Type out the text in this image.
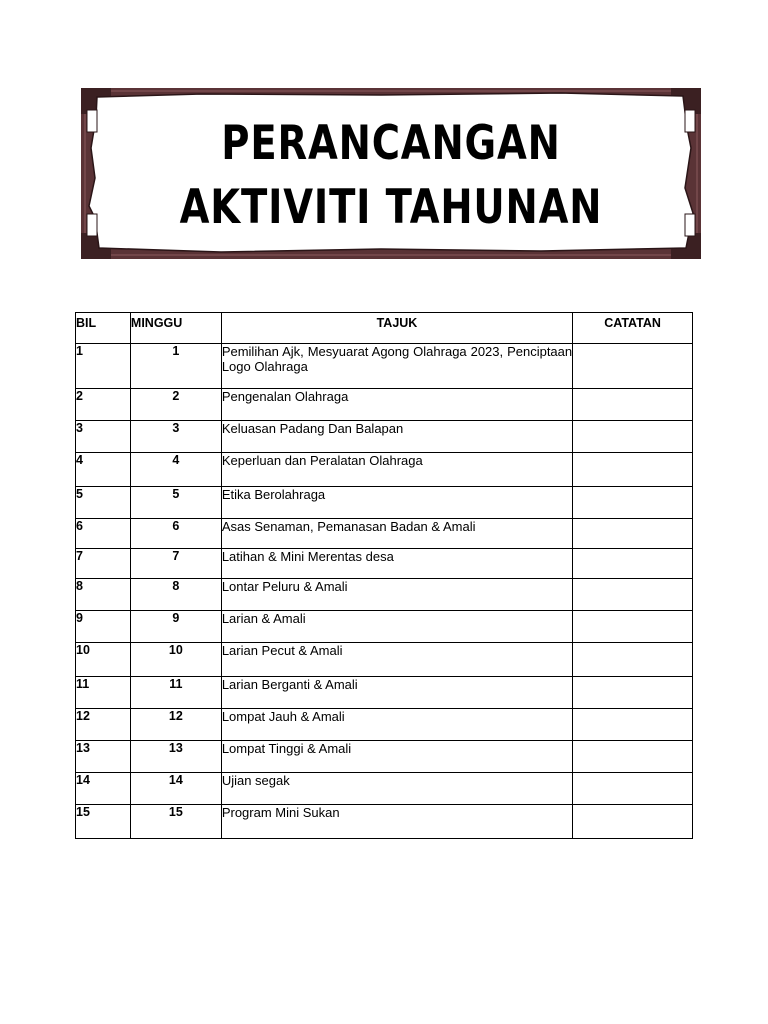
PERANCANGAN
AKTIVITI TAHUNAN
BIL	MINGGU	TAJUK	CATATAN
1	1	Pemilihan Ajk, Mesyuarat Agong Olahraga 2023, Penciptaan Logo Olahraga	
2	2	Pengenalan Olahraga	
3	3	Keluasan Padang Dan Balapan	
4	4	Keperluan dan Peralatan Olahraga	
5	5	Etika Berolahraga	
6	6	Asas Senaman, Pemanasan Badan & Amali	
7	7	Latihan & Mini Merentas desa	
8	8	Lontar Peluru & Amali	
9	9	Larian & Amali	
10	10	Larian Pecut & Amali	
11	11	Larian Berganti & Amali	
12	12	Lompat Jauh & Amali	
13	13	Lompat Tinggi & Amali	
14	14	Ujian segak	
15	15	Program Mini Sukan	
